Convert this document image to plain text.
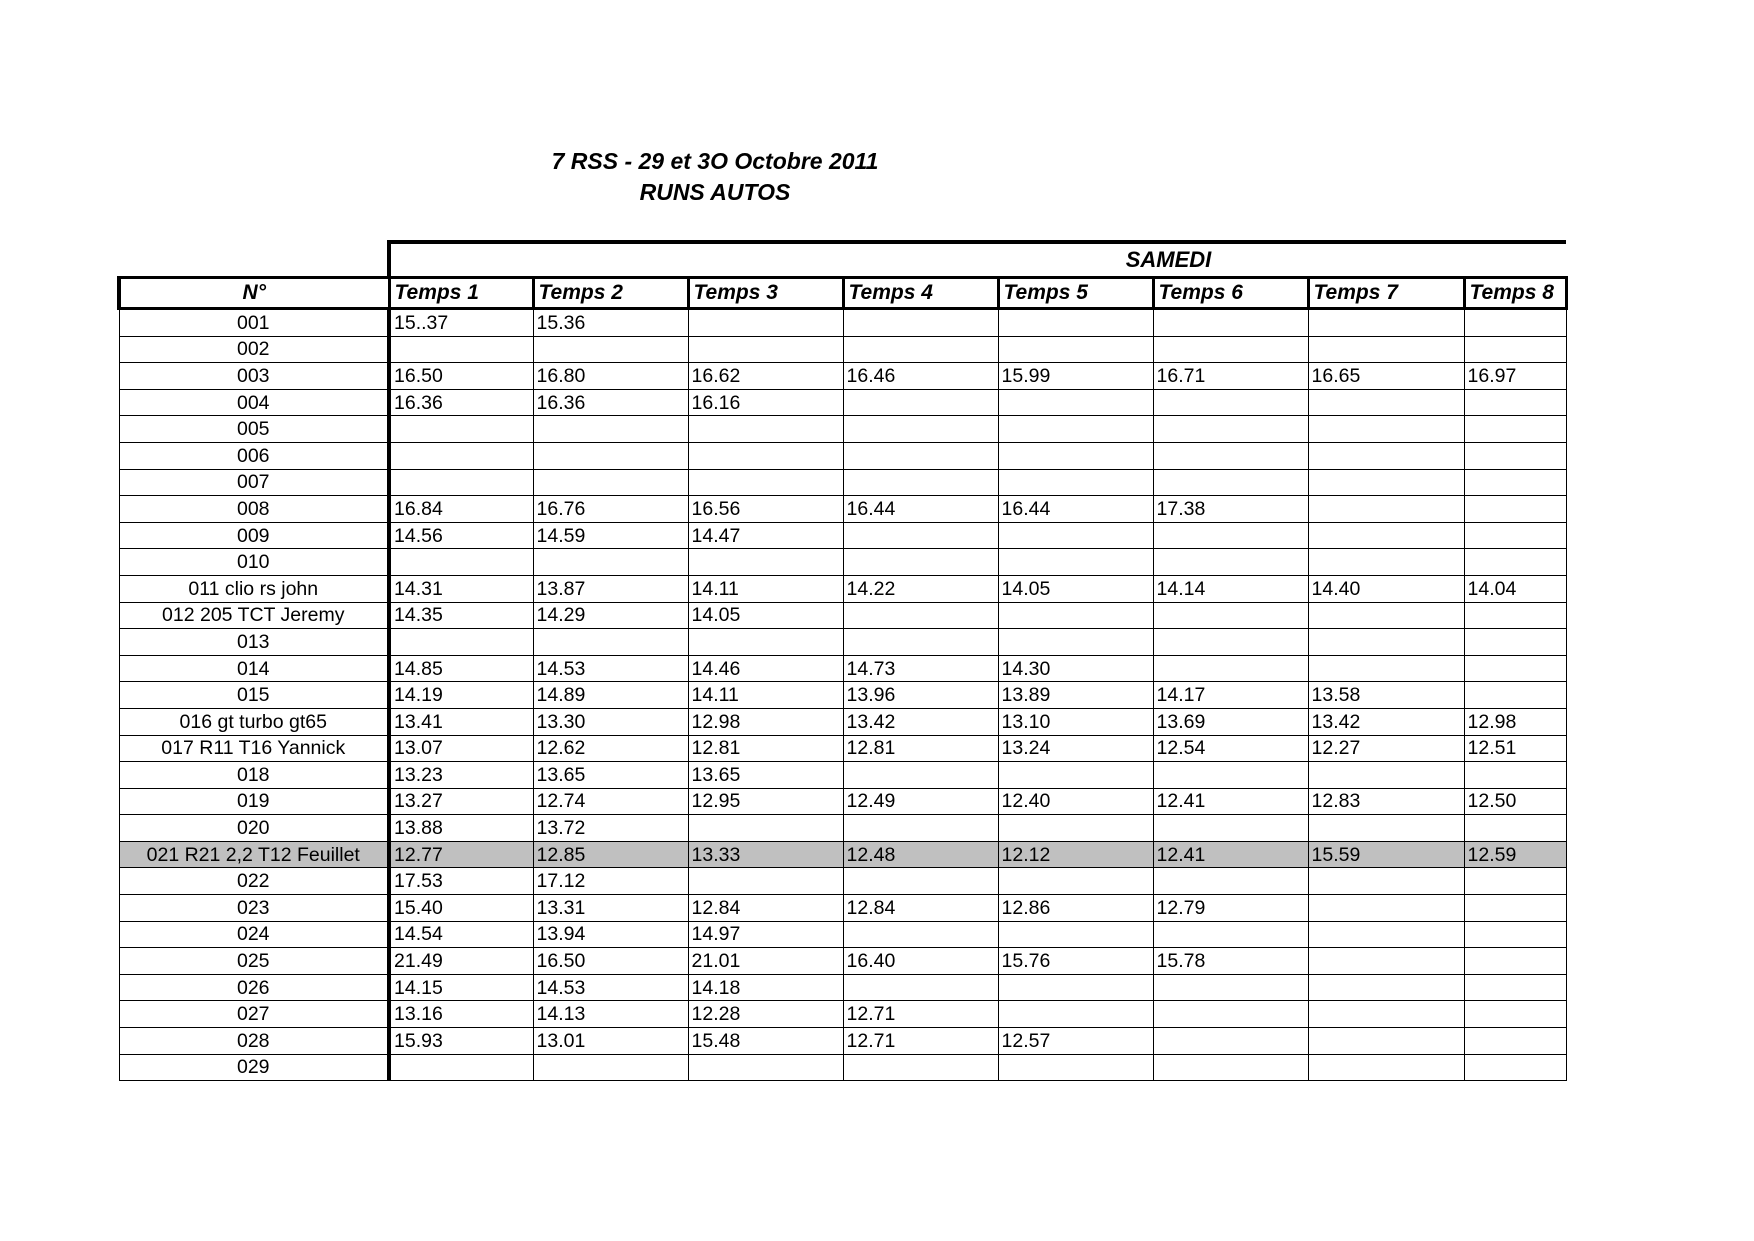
7 RSS - 29 et 3O Octobre 2011
RUNS AUTOS

	SAMEDI							

N°	Temps 1	Temps 2	Temps 3	Temps 4	Temps 5	Temps 6	Temps 7	Temps 8
001	15..37	15.36						
002								
003	16.50	16.80	16.62	16.46	15.99	16.71	16.65	16.97
004	16.36	16.36	16.16					
005								
006								
007								
008	16.84	16.76	16.56	16.44	16.44	17.38		
009	14.56	14.59	14.47					
010								
011 clio rs john	14.31	13.87	14.11	14.22	14.05	14.14	14.40	14.04
012 205 TCT Jeremy	14.35	14.29	14.05					
013								
014	14.85	14.53	14.46	14.73	14.30			
015	14.19	14.89	14.11	13.96	13.89	14.17	13.58	
016 gt turbo gt65	13.41	13.30	12.98	13.42	13.10	13.69	13.42	12.98
017 R11 T16 Yannick	13.07	12.62	12.81	12.81	13.24	12.54	12.27	12.51
018	13.23	13.65	13.65					
019	13.27	12.74	12.95	12.49	12.40	12.41	12.83	12.50
020	13.88	13.72						
021 R21 2,2 T12 Feuillet	12.77	12.85	13.33	12.48	12.12	12.41	15.59	12.59
022	17.53	17.12						
023	15.40	13.31	12.84	12.84	12.86	12.79		
024	14.54	13.94	14.97					
025	21.49	16.50	21.01	16.40	15.76	15.78		
026	14.15	14.53	14.18					
027	13.16	14.13	12.28	12.71				
028	15.93	13.01	15.48	12.71	12.57			
029								
